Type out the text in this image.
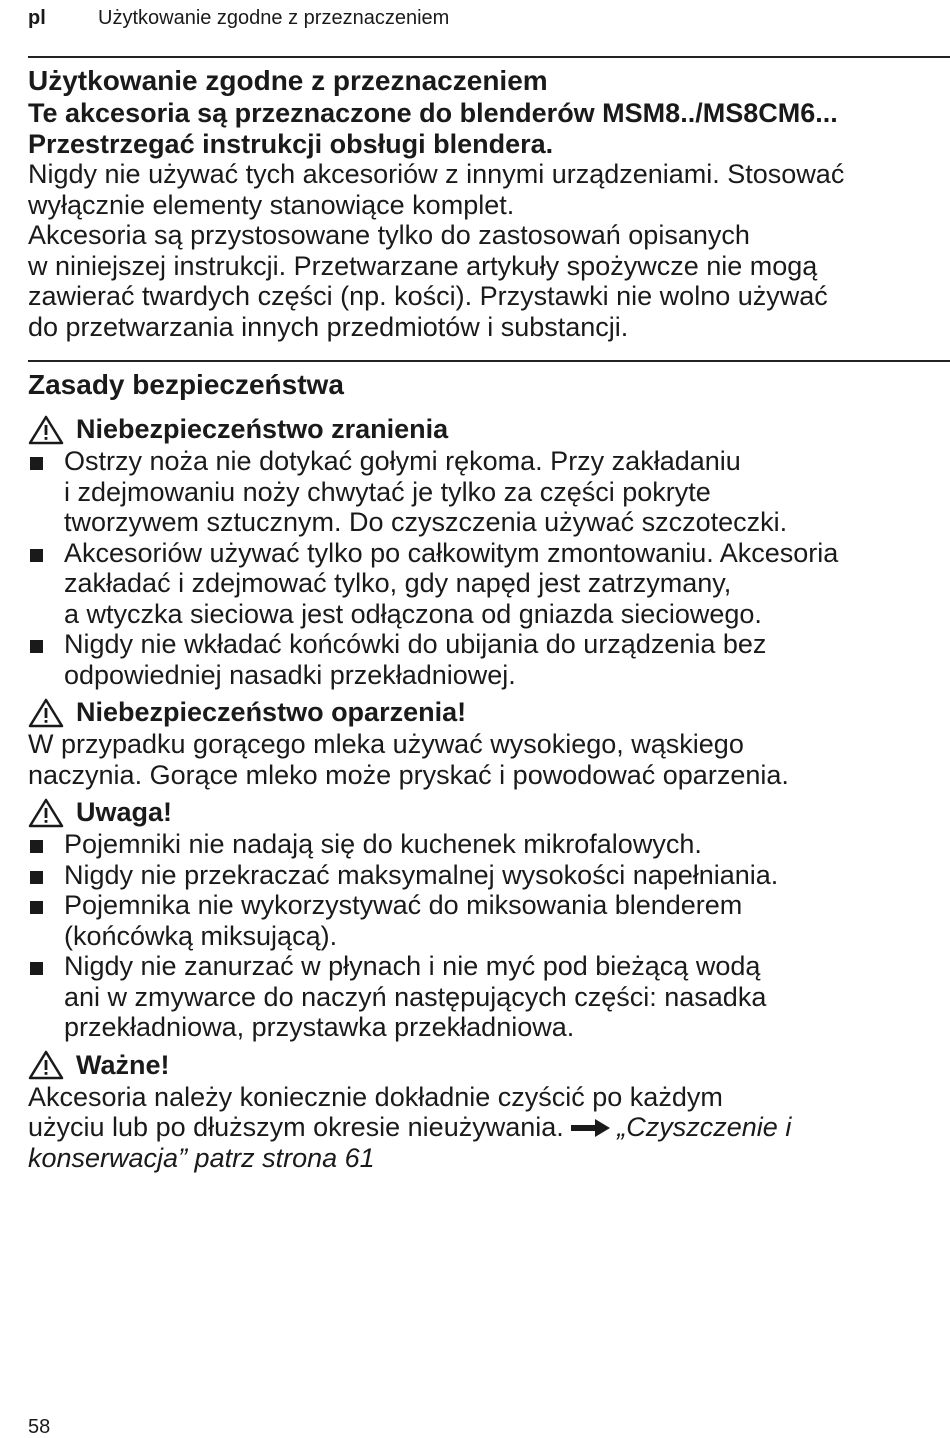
pl	Użytkowanie zgodne z przeznaczeniem
Użytkowanie zgodne z przeznaczeniem
Te akcesoria są przeznaczone do blenderów MSM8../MS8CM6...
Przestrzegać instrukcji obsługi blendera.
Nigdy nie używać tych akcesoriów z innymi urządzeniami. Stosować
wyłącznie elementy stanowiące komplet.
Akcesoria są przystosowane tylko do zastosowań opisanych
w niniejszej instrukcji. Przetwarzane artykuły spożywcze nie mogą
zawierać twardych części (np. kości). Przystawki nie wolno używać
do przetwarzania innych przedmiotów i substancji.
Zasady bezpieczeństwa
Niebezpieczeństwo zranienia
Ostrzy noża nie dotykać gołymi rękoma. Przy zakładaniu
i zdejmowaniu noży chwytać je tylko za części pokryte
tworzywem sztucznym. Do czyszczenia używać szczoteczki.
Akcesoriów używać tylko po całkowitym zmontowaniu. Akcesoria
zakładać i zdejmować tylko, gdy napęd jest zatrzymany,
a wtyczka sieciowa jest odłączona od gniazda sieciowego.
Nigdy nie wkładać końcówki do ubijania do urządzenia bez
odpowiedniej nasadki przekładniowej.
Niebezpieczeństwo oparzenia!
W przypadku gorącego mleka używać wysokiego, wąskiego
naczynia. Gorące mleko może pryskać i powodować oparzenia.
Uwaga!
Pojemniki nie nadają się do kuchenek mikrofalowych.
Nigdy nie przekraczać maksymalnej wysokości napełniania.
Pojemnika nie wykorzystywać do miksowania blenderem
(końcówką miksującą).
Nigdy nie zanurzać w płynach i nie myć pod bieżącą wodą
ani w zmywarce do naczyń następujących części: nasadka
przekładniowa, przystawka przekładniowa.
Ważne!
Akcesoria należy koniecznie dokładnie czyścić po każdym
użyciu lub po dłuższym okresie nieużywania. „Czyszczenie i
konserwacja” patrz strona 61
58
